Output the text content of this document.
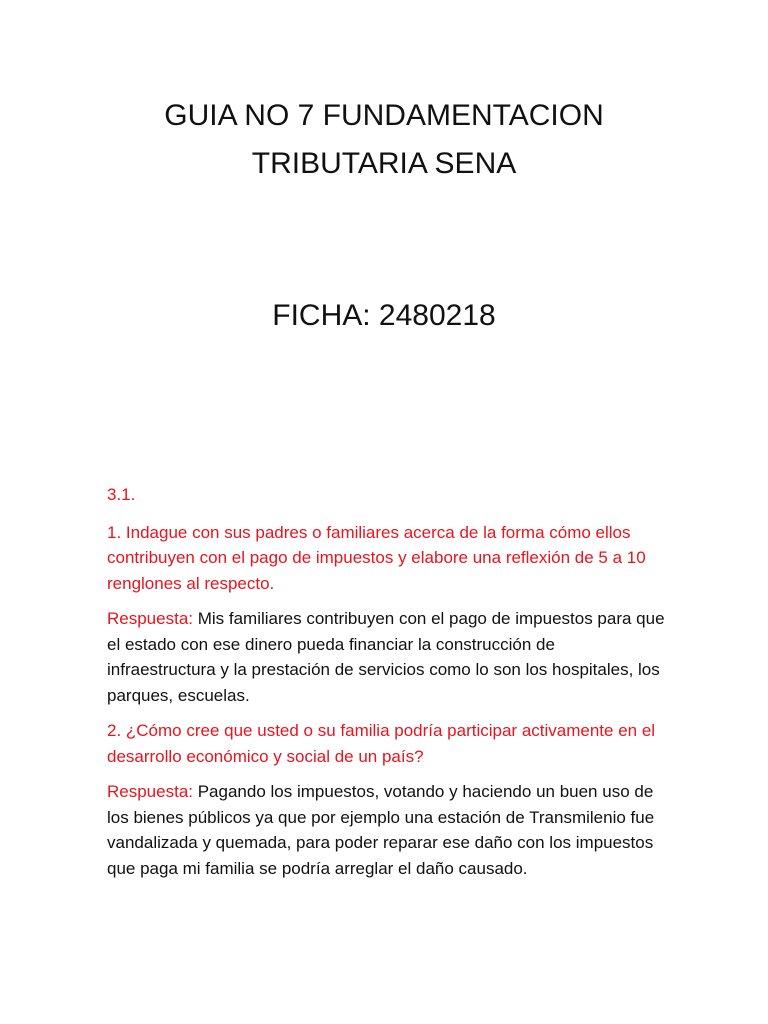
GUIA NO 7 FUNDAMENTACION
TRIBUTARIA SENA

FICHA: 2480218

3.1.

1. Indague con sus padres o familiares acerca de la forma cómo ellos contribuyen con el pago de impuestos y elabore una reflexión de 5 a 10 renglones al respecto.

Respuesta: Mis familiares contribuyen con el pago de impuestos para que el estado con ese dinero pueda financiar la construcción de infraestructura y la prestación de servicios como lo son los hospitales, los parques, escuelas.

2. ¿Cómo cree que usted o su familia podría participar activamente en el desarrollo económico y social de un país?

Respuesta: Pagando los impuestos, votando y haciendo un buen uso de los bienes públicos ya que por ejemplo una estación de Transmilenio fue vandalizada y quemada, para poder reparar ese daño con los impuestos que paga mi familia se podría arreglar el daño causado.
